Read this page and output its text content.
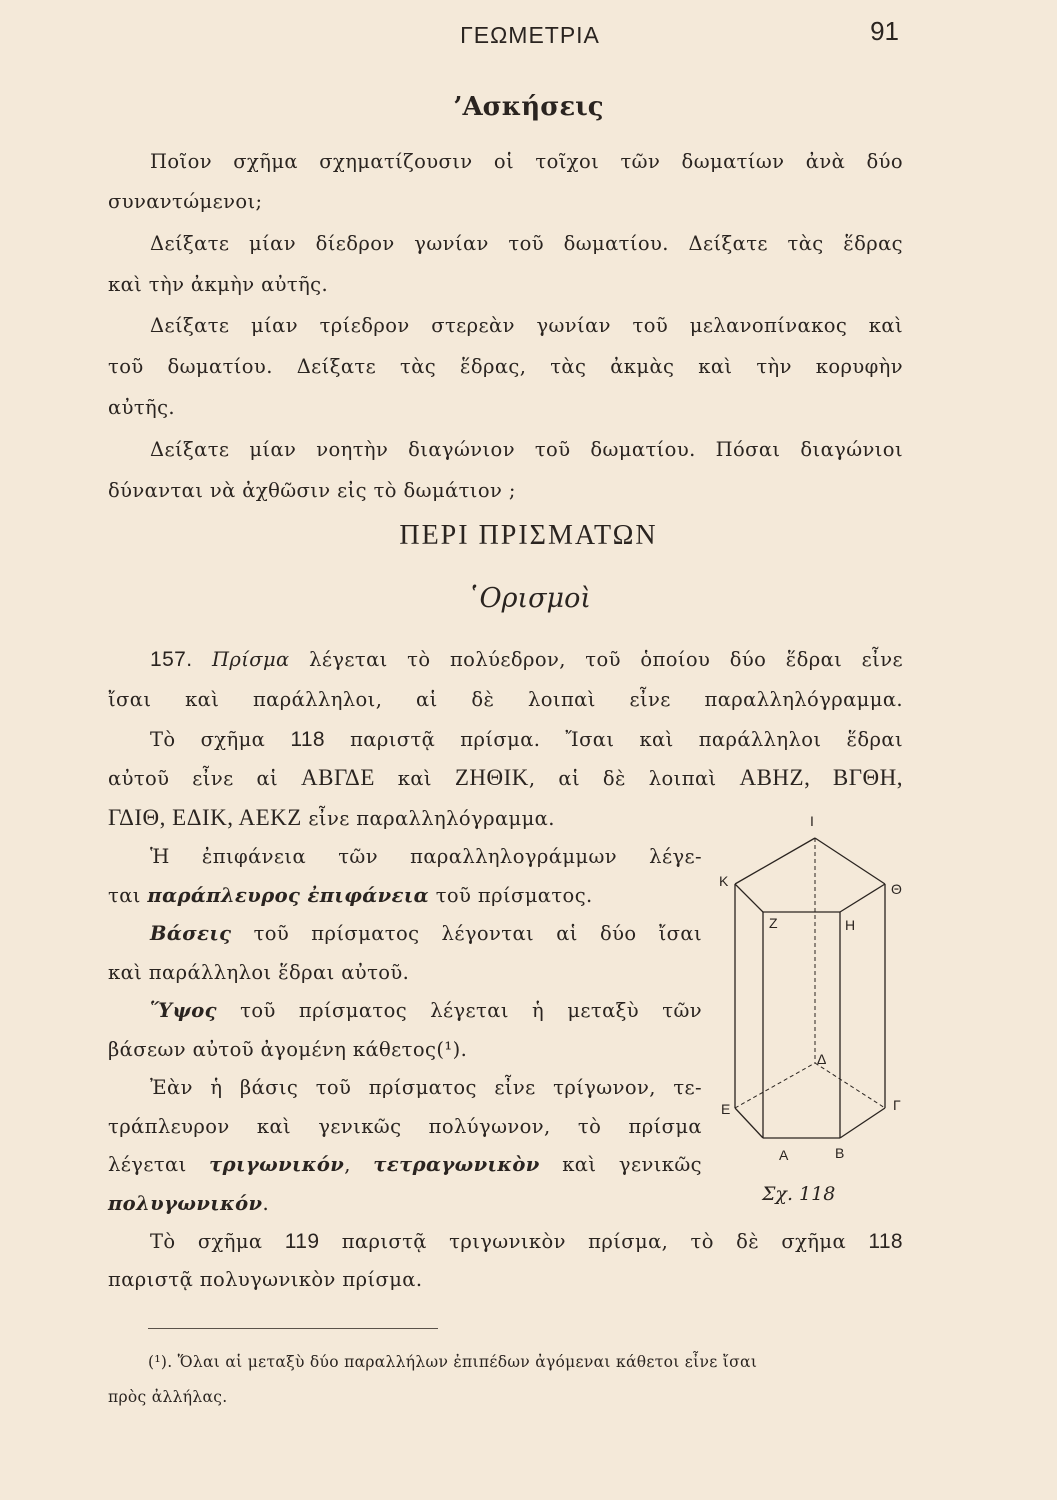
ΓΕΩΜΕΤΡΙΑ	91
’Ασκήσεις
Ποῖον σχῆμα σχηματίζουσιν οἱ τοῖχοι τῶν δωματίων ἀνὰ δύο
συναντώμενοι;
Δείξατε μίαν δίεδρον γωνίαν τοῦ δωματίου. Δείξατε τὰς ἕδρας
καὶ τὴν ἀκμὴν αὐτῆς.
Δείξατε μίαν τρίεδρον στερεὰν γωνίαν τοῦ μελανοπίνακος καὶ
τοῦ δωματίου. Δείξατε τὰς ἕδρας, τὰς ἀκμὰς καὶ τὴν κορυφὴν
αὐτῆς.
Δείξατε μίαν νοητὴν διαγώνιον τοῦ δωματίου. Πόσαι διαγώνιοι
δύνανται νὰ ἀχθῶσιν εἰς τὸ δωμάτιον ;
ΠΕΡΙ ΠΡΙΣΜΑΤΩΝ
῾Ορισμοὶ
157. Πρίσμα λέγεται τὸ πολύεδρον, τοῦ ὁποίου δύο ἕδραι εἶνε
ἴσαι καὶ παράλληλοι, αἱ δὲ λοιπαὶ εἶνε παραλληλόγραμμα.
Τὸ σχῆμα 118 παριστᾷ πρίσμα. Ἴσαι καὶ παράλληλοι ἕδραι
αὐτοῦ εἶνε αἱ ΑΒΓΔΕ καὶ ΖΗΘΙΚ, αἱ δὲ λοιπαὶ ΑΒΗΖ, ΒΓΘΗ,
ΓΔΙΘ, ΕΔΙΚ, ΑΕΚΖ εἶνε παραλληλόγραμμα.
Ἡ ἐπιφάνεια τῶν παραλληλογράμμων λέγε-
ται παράπλευρος ἐπιφάνεια τοῦ πρίσματος.
Βάσεις τοῦ πρίσματος λέγονται αἱ δύο ἴσαι
καὶ παράλληλοι ἕδραι αὐτοῦ.
Ὕψος τοῦ πρίσματος λέγεται ἡ μεταξὺ τῶν
βάσεων αὐτοῦ ἀγομένη κάθετος(¹).
Ἐὰν ἡ βάσις τοῦ πρίσματος εἶνε τρίγωνον, τε-
τράπλευρον καὶ γενικῶς πολύγωνον, τὸ πρίσμα
λέγεται τριγωνικόν, τετραγωνικὸν καὶ γενικῶς
πολυγωνικόν.
Τὸ σχῆμα 119 παριστᾷ τριγωνικὸν πρίσμα, τὸ δὲ σχῆμα 118
παριστᾷ πολυγωνικὸν πρίσμα.
Ι
Κ	Θ
Ζ	Η
Δ
Ε	Γ
Α	Β
Σχ. 118
(¹). Ὅλαι αἱ μεταξὺ δύο παραλλήλων ἐπιπέδων ἀγόμεναι κάθετοι εἶνε ἴσαι
πρὸς ἀλλήλας.
